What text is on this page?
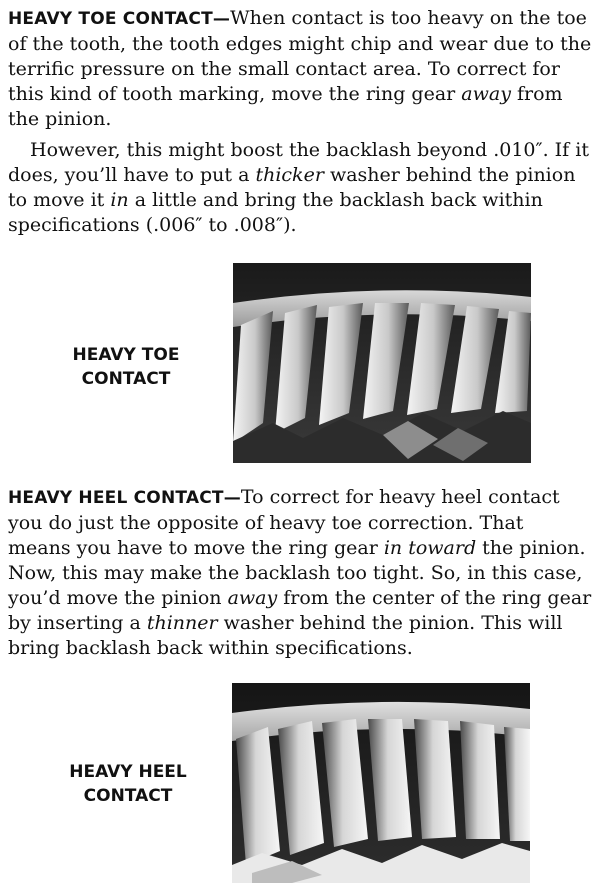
HEAVY TOE CONTACT—When contact is too heavy on the toe of the tooth, the tooth edges might chip and wear due to the terrific pressure on the small contact area. To correct for this kind of tooth marking, move the ring gear away from the pinion.

However, this might boost the backlash beyond .010″. If it does, you’ll have to put a thicker washer behind the pinion to move it in a little and bring the backlash back within specifications (.006″ to .008″).

HEAVY TOE
CONTACT

HEAVY HEEL CONTACT—To correct for heavy heel contact you do just the opposite of heavy toe correction. That means you have to move the ring gear in toward the pinion. Now, this may make the backlash too tight. So, in this case, you’d move the pinion away from the center of the ring gear by inserting a thinner washer behind the pinion. This will bring backlash back within specifications.

HEAVY HEEL
CONTACT
